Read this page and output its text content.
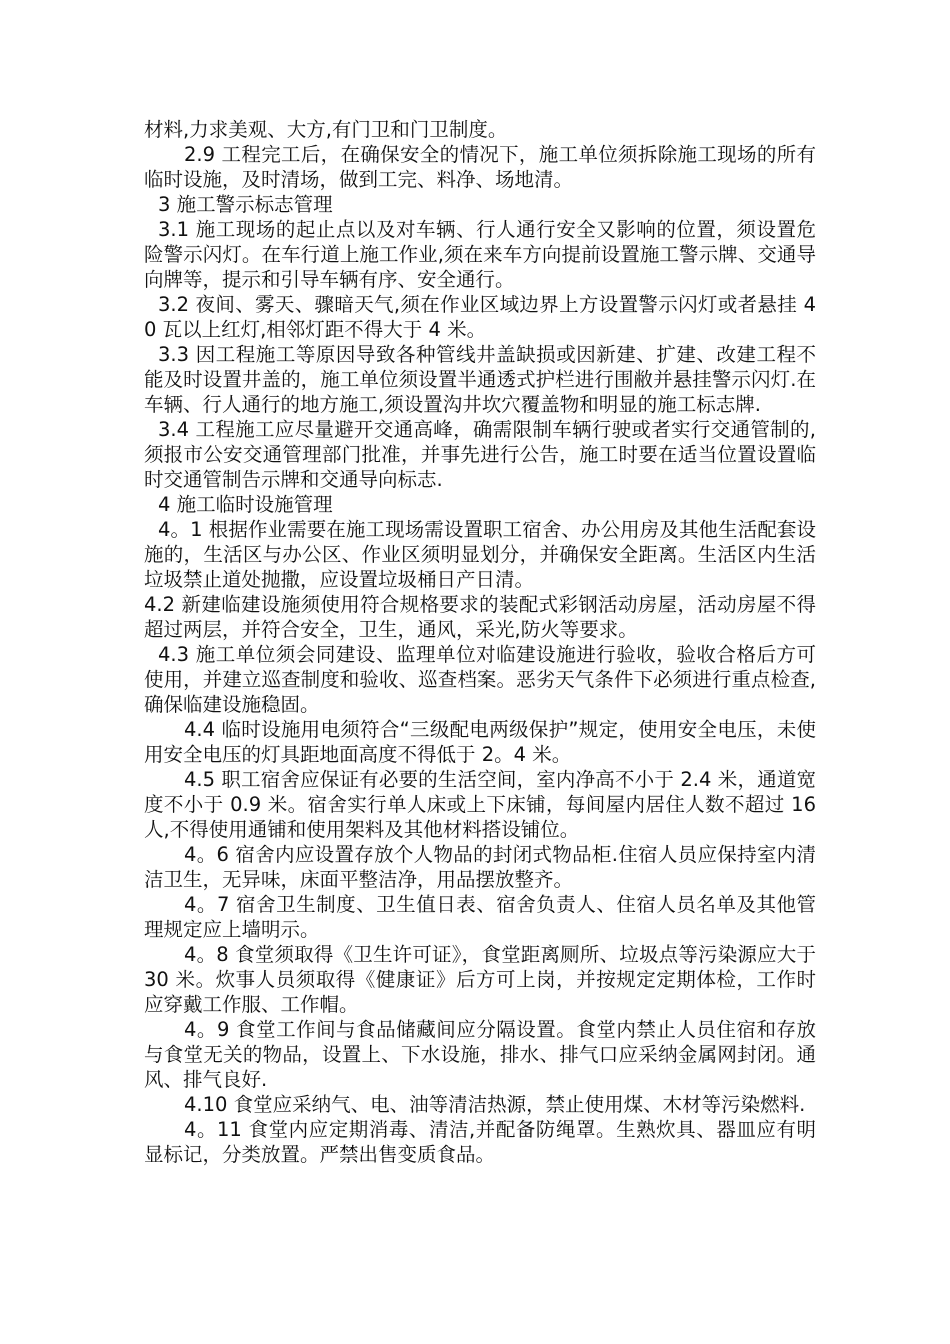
材料,力求美观、大方,有门卫和门卫制度。

2.9 工程完工后，在确保安全的情况下，施工单位须拆除施工现场的所有临时设施，及时清场，做到工完、料净、场地清。

3 施工警示标志管理

3.1 施工现场的起止点以及对车辆、行人通行安全又影响的位置，须设置危险警示闪灯。在车行道上施工作业,须在来车方向提前设置施工警示牌、交通导向牌等，提示和引导车辆有序、安全通行。

3.2 夜间、雾天、骤暗天气,须在作业区域边界上方设置警示闪灯或者悬挂 40 瓦以上红灯,相邻灯距不得大于 4 米。

3.3 因工程施工等原因导致各种管线井盖缺损或因新建、扩建、改建工程不能及时设置井盖的，施工单位须设置半通透式护栏进行围敝并悬挂警示闪灯.在车辆、行人通行的地方施工,须设置沟井坎穴覆盖物和明显的施工标志牌.

3.4 工程施工应尽量避开交通高峰，确需限制车辆行驶或者实行交通管制的,须报市公安交通管理部门批准，并事先进行公告，施工时要在适当位置设置临时交通管制告示牌和交通导向标志.

4 施工临时设施管理

4。1 根据作业需要在施工现场需设置职工宿舍、办公用房及其他生活配套设施的，生活区与办公区、作业区须明显划分，并确保安全距离。生活区内生活垃圾禁止道处抛撒，应设置垃圾桶日产日清。

4.2 新建临建设施须使用符合规格要求的装配式彩钢活动房屋，活动房屋不得超过两层，并符合安全，卫生，通风，采光,防火等要求。

4.3 施工单位须会同建设、监理单位对临建设施进行验收，验收合格后方可使用，并建立巡查制度和验收、巡查档案。恶劣天气条件下必须进行重点检查,确保临建设施稳固。

4.4 临时设施用电须符合“三级配电两级保护”规定，使用安全电压，未使用安全电压的灯具距地面高度不得低于 2。4 米。

4.5 职工宿舍应保证有必要的生活空间，室内净高不小于 2.4 米，通道宽度不小于 0.9 米。宿舍实行单人床或上下床铺，每间屋内居住人数不超过 16 人,不得使用通铺和使用架料及其他材料搭设铺位。

4。6 宿舍内应设置存放个人物品的封闭式物品柜.住宿人员应保持室内清洁卫生，无异味，床面平整洁净，用品摆放整齐。

4。7 宿舍卫生制度、卫生值日表、宿舍负责人、住宿人员名单及其他管理规定应上墙明示。

4。8 食堂须取得《卫生许可证》，食堂距离厕所、垃圾点等污染源应大于 30 米。炊事人员须取得《健康证》后方可上岗，并按规定定期体检，工作时应穿戴工作服、工作帽。

4。9 食堂工作间与食品储藏间应分隔设置。食堂内禁止人员住宿和存放与食堂无关的物品，设置上、下水设施，排水、排气口应采纳金属网封闭。通风、排气良好.

4.10 食堂应采纳气、电、油等清洁热源，禁止使用煤、木材等污染燃料.

4。11 食堂内应定期消毒、清洁,并配备防绳罩。生熟炊具、器皿应有明显标记，分类放置。严禁出售变质食品。
